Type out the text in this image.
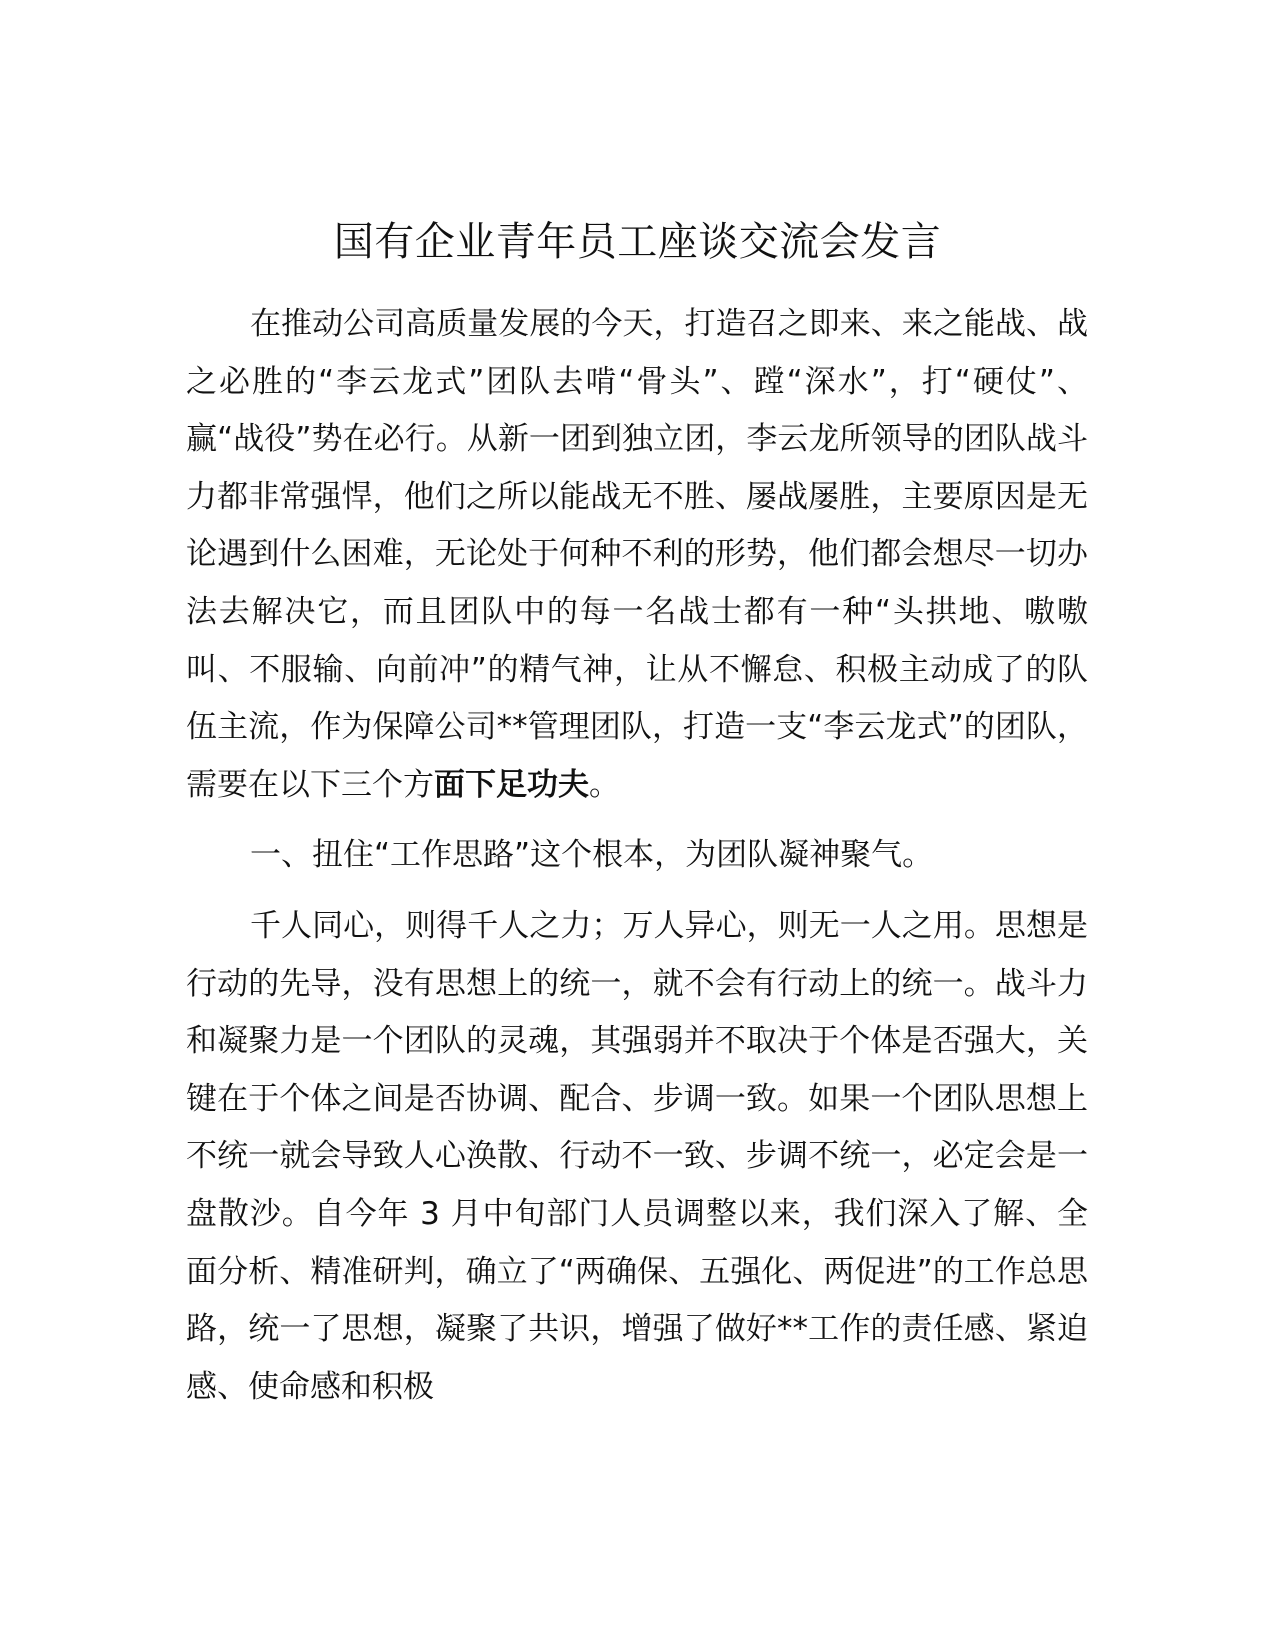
国有企业青年员工座谈交流会发言

在推动公司高质量发展的今天，打造召之即来、来之能战、战之必胜的“李云龙式”团队去啃“骨头”、蹚“深水”，打“硬仗”、赢“战役”势在必行。从新一团到独立团，李云龙所领导的团队战斗力都非常强悍，他们之所以能战无不胜、屡战屡胜，主要原因是无论遇到什么困难，无论处于何种不利的形势，他们都会想尽一切办法去解决它，而且团队中的每一名战士都有一种“头拱地、嗷嗷叫、不服输、向前冲”的精气神，让从不懈怠、积极主动成了的队伍主流，作为保障公司**管理团队，打造一支“李云龙式”的团队，需要在以下三个方面下足功夫。

一、扭住“工作思路”这个根本，为团队凝神聚气。

千人同心，则得千人之力；万人异心，则无一人之用。思想是行动的先导，没有思想上的统一，就不会有行动上的统一。战斗力和凝聚力是一个团队的灵魂，其强弱并不取决于个体是否强大，关键在于个体之间是否协调、配合、步调一致。如果一个团队思想上不统一就会导致人心涣散、行动不一致、步调不统一，必定会是一盘散沙。自今年 3 月中旬部门人员调整以来，我们深入了解、全面分析、精准研判，确立了“两确保、五强化、两促进”的工作总思路，统一了思想，凝聚了共识，增强了做好**工作的责任感、紧迫感、使命感和积极
